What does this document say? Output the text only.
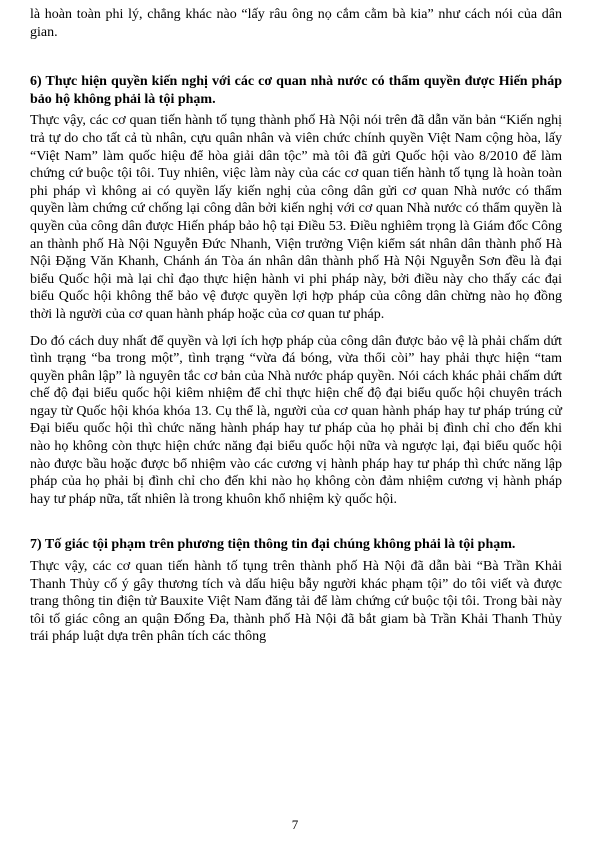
là hoàn toàn phi lý, chẳng khác nào “lấy râu ông nọ cắm cằm bà kia” như cách nói của dân gian.

6) Thực hiện quyền kiến nghị với các cơ quan nhà nước có thẩm quyền được Hiến pháp bảo hộ không phải là tội phạm.

Thực vậy, các cơ quan tiến hành tố tụng thành phố Hà Nội nói trên đã dẫn văn bản “Kiến nghị trả tự do cho tất cả tù nhân, cựu quân nhân và viên chức chính quyền Việt Nam cộng hòa, lấy “Việt Nam” làm quốc hiệu để hòa giải dân tộc” mà tôi đã gửi Quốc hội vào 8/2010 để làm chứng cứ buộc tội tôi. Tuy nhiên, việc làm này của các cơ quan tiến hành tố tụng là hoàn toàn phi pháp vì không ai có quyền lấy kiến nghị của công dân gửi cơ quan Nhà nước có thẩm quyền làm chứng cứ chống lại công dân bởi kiến nghị với cơ quan Nhà nước có thẩm quyền là quyền của công dân được Hiến pháp bảo hộ tại Điều 53. Điều nghiêm trọng là Giám đốc Công an thành phố Hà Nội Nguyễn Đức Nhanh, Viện trưởng Viện kiểm sát nhân dân thành phố Hà Nội Đặng Văn Khanh, Chánh án Tòa án nhân dân thành phố Hà Nội Nguyễn Sơn đều là đại biểu Quốc hội mà lại chỉ đạo thực hiện hành vi phi pháp này, bởi điều này cho thấy các đại biểu Quốc hội không thể bảo vệ được quyền lợi hợp pháp của công dân chừng nào họ đồng thời là người của cơ quan hành pháp hoặc của cơ quan tư pháp.

Do đó cách duy nhất để quyền và lợi ích hợp pháp của công dân được bảo vệ là phải chấm dứt tình trạng “ba trong một”, tình trạng “vừa đá bóng, vừa thổi còi” hay phải thực hiện “tam quyền phân lập” là nguyên tắc cơ bản của Nhà nước pháp quyền. Nói cách khác phải chấm dứt chế độ đại biểu quốc hội kiêm nhiệm để chỉ thực hiện chế độ đại biểu quốc hội chuyên trách ngay từ Quốc hội khóa khóa 13. Cụ thể là, người của cơ quan hành pháp hay tư pháp trúng cử Đại biểu quốc hội thì chức năng hành pháp hay tư pháp của họ phải bị đình chỉ cho đến khi nào họ không còn thực hiện chức năng đại biểu quốc hội nữa và ngược lại, đại biểu quốc hội nào được bầu hoặc được bổ nhiệm vào các cương vị hành pháp hay tư pháp thì chức năng lập pháp của họ phải bị đình chỉ cho đến khi nào họ không còn đảm nhiệm cương vị hành pháp hay tư pháp nữa, tất nhiên là trong khuôn khổ nhiệm kỳ quốc hội.

7) Tố giác tội phạm trên phương tiện thông tin đại chúng không phải là tội phạm.

Thực vậy, các cơ quan tiến hành tố tụng trên thành phố Hà Nội đã dẫn bài “Bà Trần Khải Thanh Thủy cố ý gây thương tích và dấu hiệu bẫy người khác phạm tội” do tôi viết và được trang thông tin điện tử Bauxite Việt Nam đăng tải để làm chứng cứ buộc tội tôi. Trong bài này tôi tố giác công an quận Đống Đa, thành phố Hà Nội đã bắt giam bà Trần Khải Thanh Thủy trái pháp luật dựa trên phân tích các thông

7
